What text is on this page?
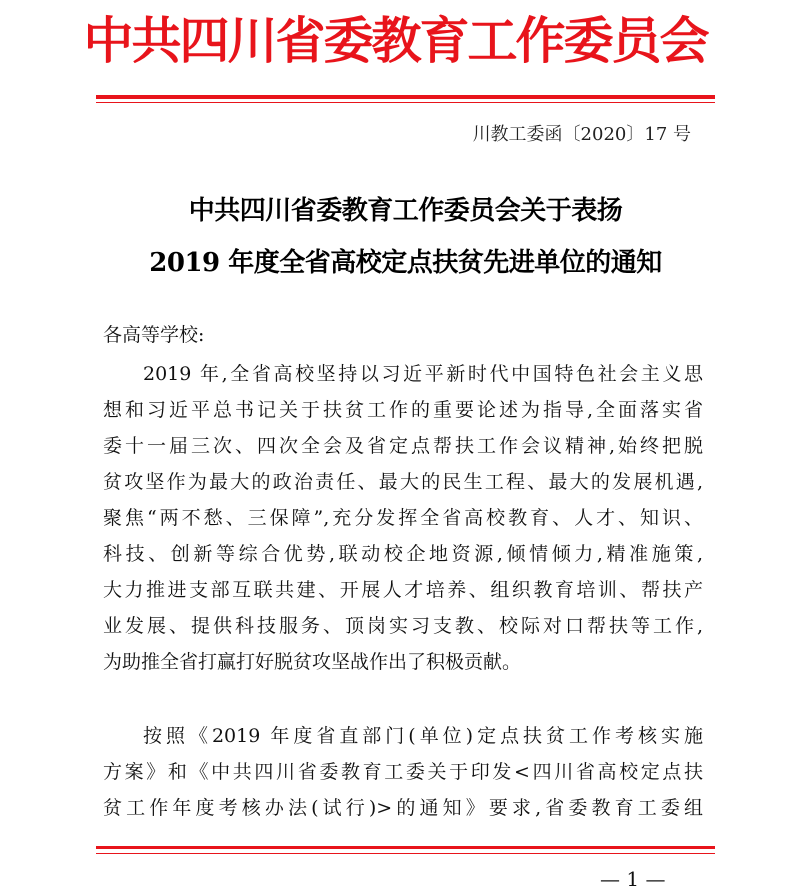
中共四川省委教育工作委员会
川教工委函〔2020〕17 号
中共四川省委教育工作委员会关于表扬
2019 年度全省高校定点扶贫先进单位的通知
各高等学校:
2019 年,全省高校坚持以习近平新时代中国特色社会主义思
想和习近平总书记关于扶贫工作的重要论述为指导,全面落实省
委十一届三次、四次全会及省定点帮扶工作会议精神,始终把脱
贫攻坚作为最大的政治责任、最大的民生工程、最大的发展机遇,
聚焦“两不愁、三保障”,充分发挥全省高校教育、人才、知识、
科技、创新等综合优势,联动校企地资源,倾情倾力,精准施策,
大力推进支部互联共建、开展人才培养、组织教育培训、帮扶产
业发展、提供科技服务、顶岗实习支教、校际对口帮扶等工作,
为助推全省打赢打好脱贫攻坚战作出了积极贡献。
按照《2019 年度省直部门(单位)定点扶贫工作考核实施
方案》和《中共四川省委教育工委关于印发<四川省高校定点扶
贫工作年度考核办法(试行)>的通知》要求,省委教育工委组
— 1 —
